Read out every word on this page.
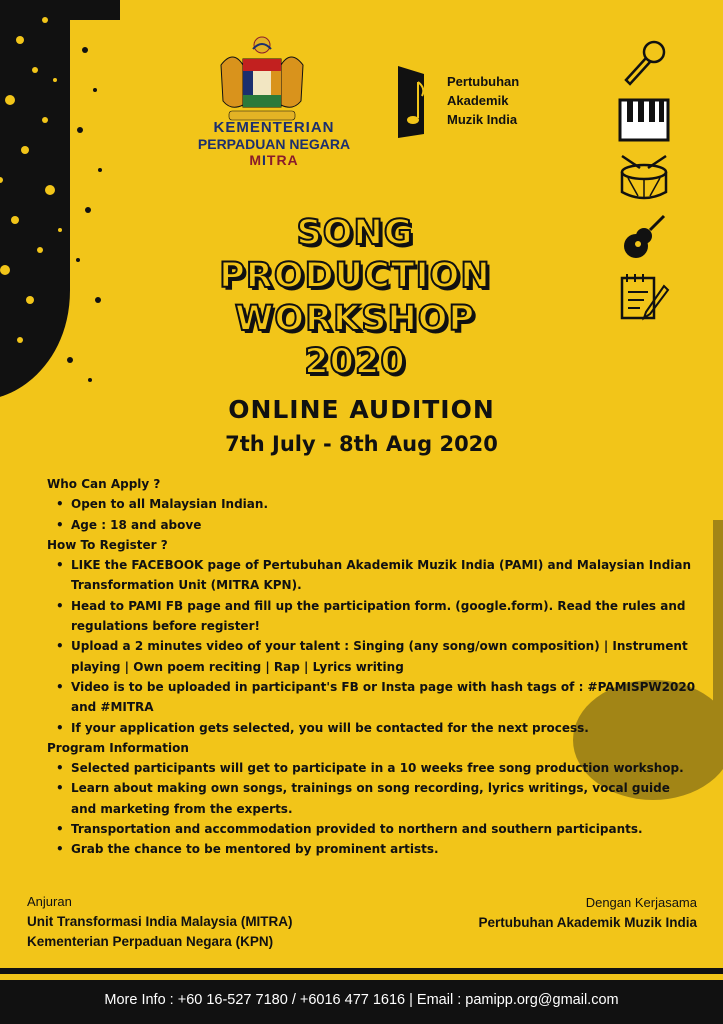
KEMENTERIAN
PERPADUAN NEGARA
MITRA
Pertubuhan
Akademik
Muzik India
SONG
PRODUCTION
WORKSHOP
2020
ONLINE AUDITION
7th July - 8th Aug 2020
Who Can Apply ?
• Open to all Malaysian Indian.
• Age : 18 and above
How To Register ?
• LIKE the FACEBOOK page of Pertubuhan Akademik Muzik India (PAMI) and Malaysian Indian Transformation Unit (MITRA KPN).
• Head to PAMI FB page and fill up the participation form. (google.form). Read the rules and regulations before register!
• Upload a 2 minutes video of your talent : Singing (any song/own composition) | Instrument playing | Own poem reciting | Rap | Lyrics writing
• Video is to be uploaded in participant's FB or Insta page with hash tags of : #PAMISPW2020 and #MITRA
• If your application gets selected, you will be contacted for the next process.
Program Information
• Selected participants will get to participate in a 10 weeks free song production workshop.
• Learn about making own songs, trainings on song recording, lyrics writings, vocal guide and marketing from the experts.
• Transportation and accommodation provided to northern and southern participants.
• Grab the chance to be mentored by prominent artists.
Anjuran
Unit Transformasi India Malaysia (MITRA)
Kementerian Perpaduan Negara (KPN)
Dengan Kerjasama
Pertubuhan Akademik Muzik India
More Info : +60 16-527 7180 / +6016 477 1616 | Email : pamipp.org@gmail.com
